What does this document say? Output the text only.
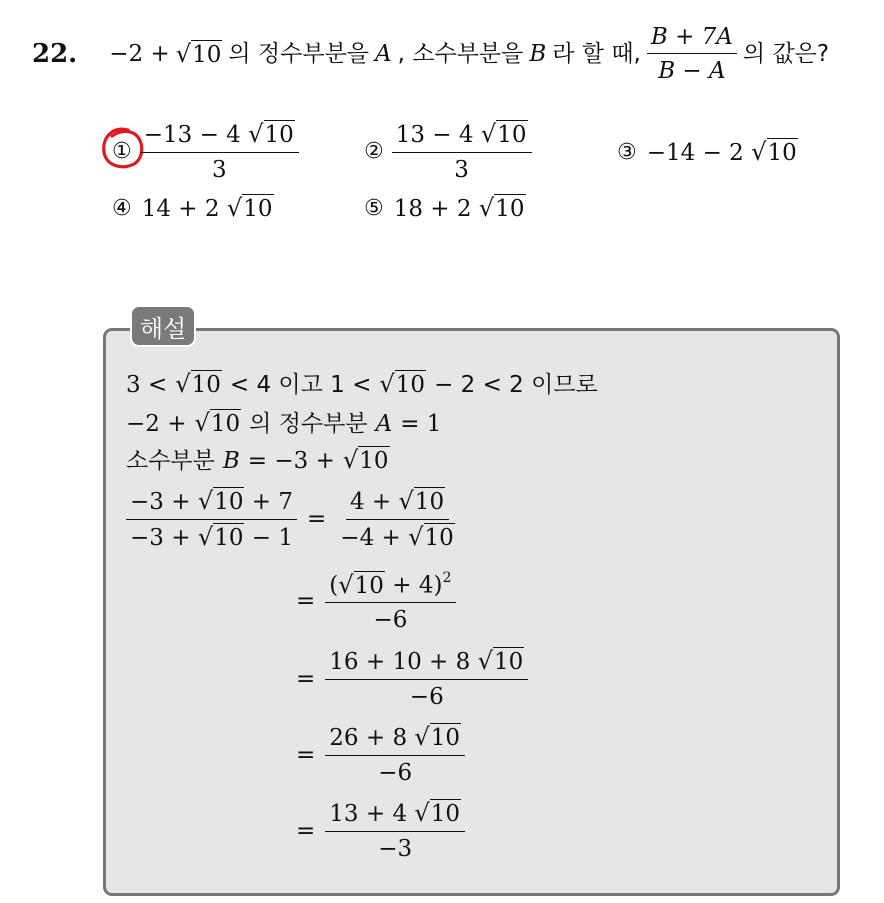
22. −2 + √10 의 정수부분을 A , 소수부분을 B 라 할 때, $\frac{B + 7A}{B - A}$ 의 값은?
① $\frac{-13 - 4 √10}{3}$	② $\frac{13 - 4 √10}{3}$	③ −14 − 2 √10
④ 14 + 2 √10	⑤ 18 + 2 √10
해설
3 < √10 < 4 이고 1 < √10 − 2 < 2 이므로
−2 + √10 의 정수부분 A = 1
소수부분 B = −3 + √10
$\frac{-3 + √10 + 7}{-3 + √10 - 1} = \frac{4 + √10}{-4 + √10}$
= $\frac{(√10 + 4)^2}{-6}$
= $\frac{16 + 10 + 8 √10}{-6}$
= $\frac{26 + 8 √10}{-6}$
= $\frac{13 + 4 √10}{-3}$
